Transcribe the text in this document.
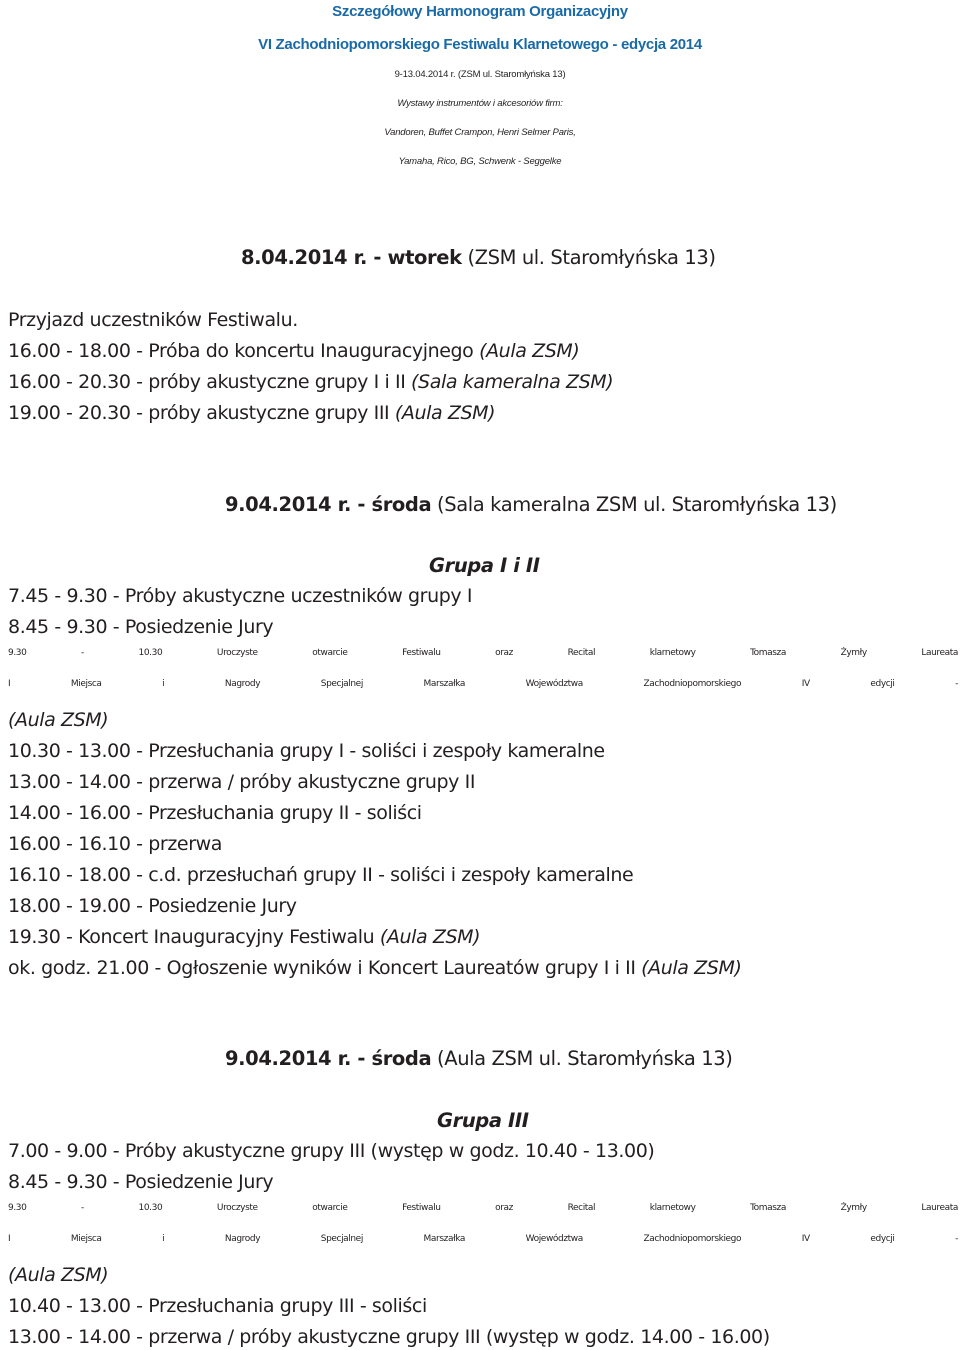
Szczegółowy Harmonogram Organizacyjny
VI Zachodniopomorskiego Festiwalu Klarnetowego - edycja 2014
9-13.04.2014 r. (ZSM ul. Staromłyńska 13)
Wystawy instrumentów i akcesoriów firm:
Vandoren, Buffet Crampon, Henri Selmer Paris,
Yamaha, Rico, BG, Schwenk - Seggelke
8.04.2014 r. - wtorek (ZSM ul. Staromłyńska 13)
Przyjazd uczestników Festiwalu.
16.00 - 18.00 - Próba do koncertu Inauguracyjnego (Aula ZSM)
16.00 - 20.30 - próby akustyczne grupy I i II (Sala kameralna ZSM)
19.00 - 20.30 - próby akustyczne grupy III (Aula ZSM)
9.04.2014 r. - środa (Sala kameralna ZSM ul. Staromłyńska 13)
Grupa I i II
7.45 - 9.30 - Próby akustyczne uczestników grupy I
8.45 - 9.30 - Posiedzenie Jury
9.30 - 10.30 Uroczyste otwarcie Festiwalu oraz Recital klarnetowy Tomasza Żymły Laureata
I Miejsca i Nagrody Specjalnej Marszałka Województwa Zachodniopomorskiego IV edycji -
(Aula ZSM)
10.30 - 13.00 - Przesłuchania grupy I - soliści i zespoły kameralne
13.00 - 14.00 - przerwa / próby akustyczne grupy II
14.00 - 16.00 - Przesłuchania grupy II - soliści
16.00 - 16.10 - przerwa
16.10 - 18.00 - c.d. przesłuchań grupy II - soliści i zespoły kameralne
18.00 - 19.00 - Posiedzenie Jury
19.30 - Koncert Inauguracyjny Festiwalu (Aula ZSM)
ok. godz. 21.00 - Ogłoszenie wyników i Koncert Laureatów grupy I i II (Aula ZSM)
9.04.2014 r. - środa (Aula ZSM ul. Staromłyńska 13)
Grupa III
7.00 - 9.00 - Próby akustyczne grupy III (występ w godz. 10.40 - 13.00)
8.45 - 9.30 - Posiedzenie Jury
9.30 - 10.30 Uroczyste otwarcie Festiwalu oraz Recital klarnetowy Tomasza Żymły Laureata
I Miejsca i Nagrody Specjalnej Marszałka Województwa Zachodniopomorskiego IV edycji -
(Aula ZSM)
10.40 - 13.00 - Przesłuchania grupy III - soliści
13.00 - 14.00 - przerwa / próby akustyczne grupy III (występ w godz. 14.00 - 16.00)
